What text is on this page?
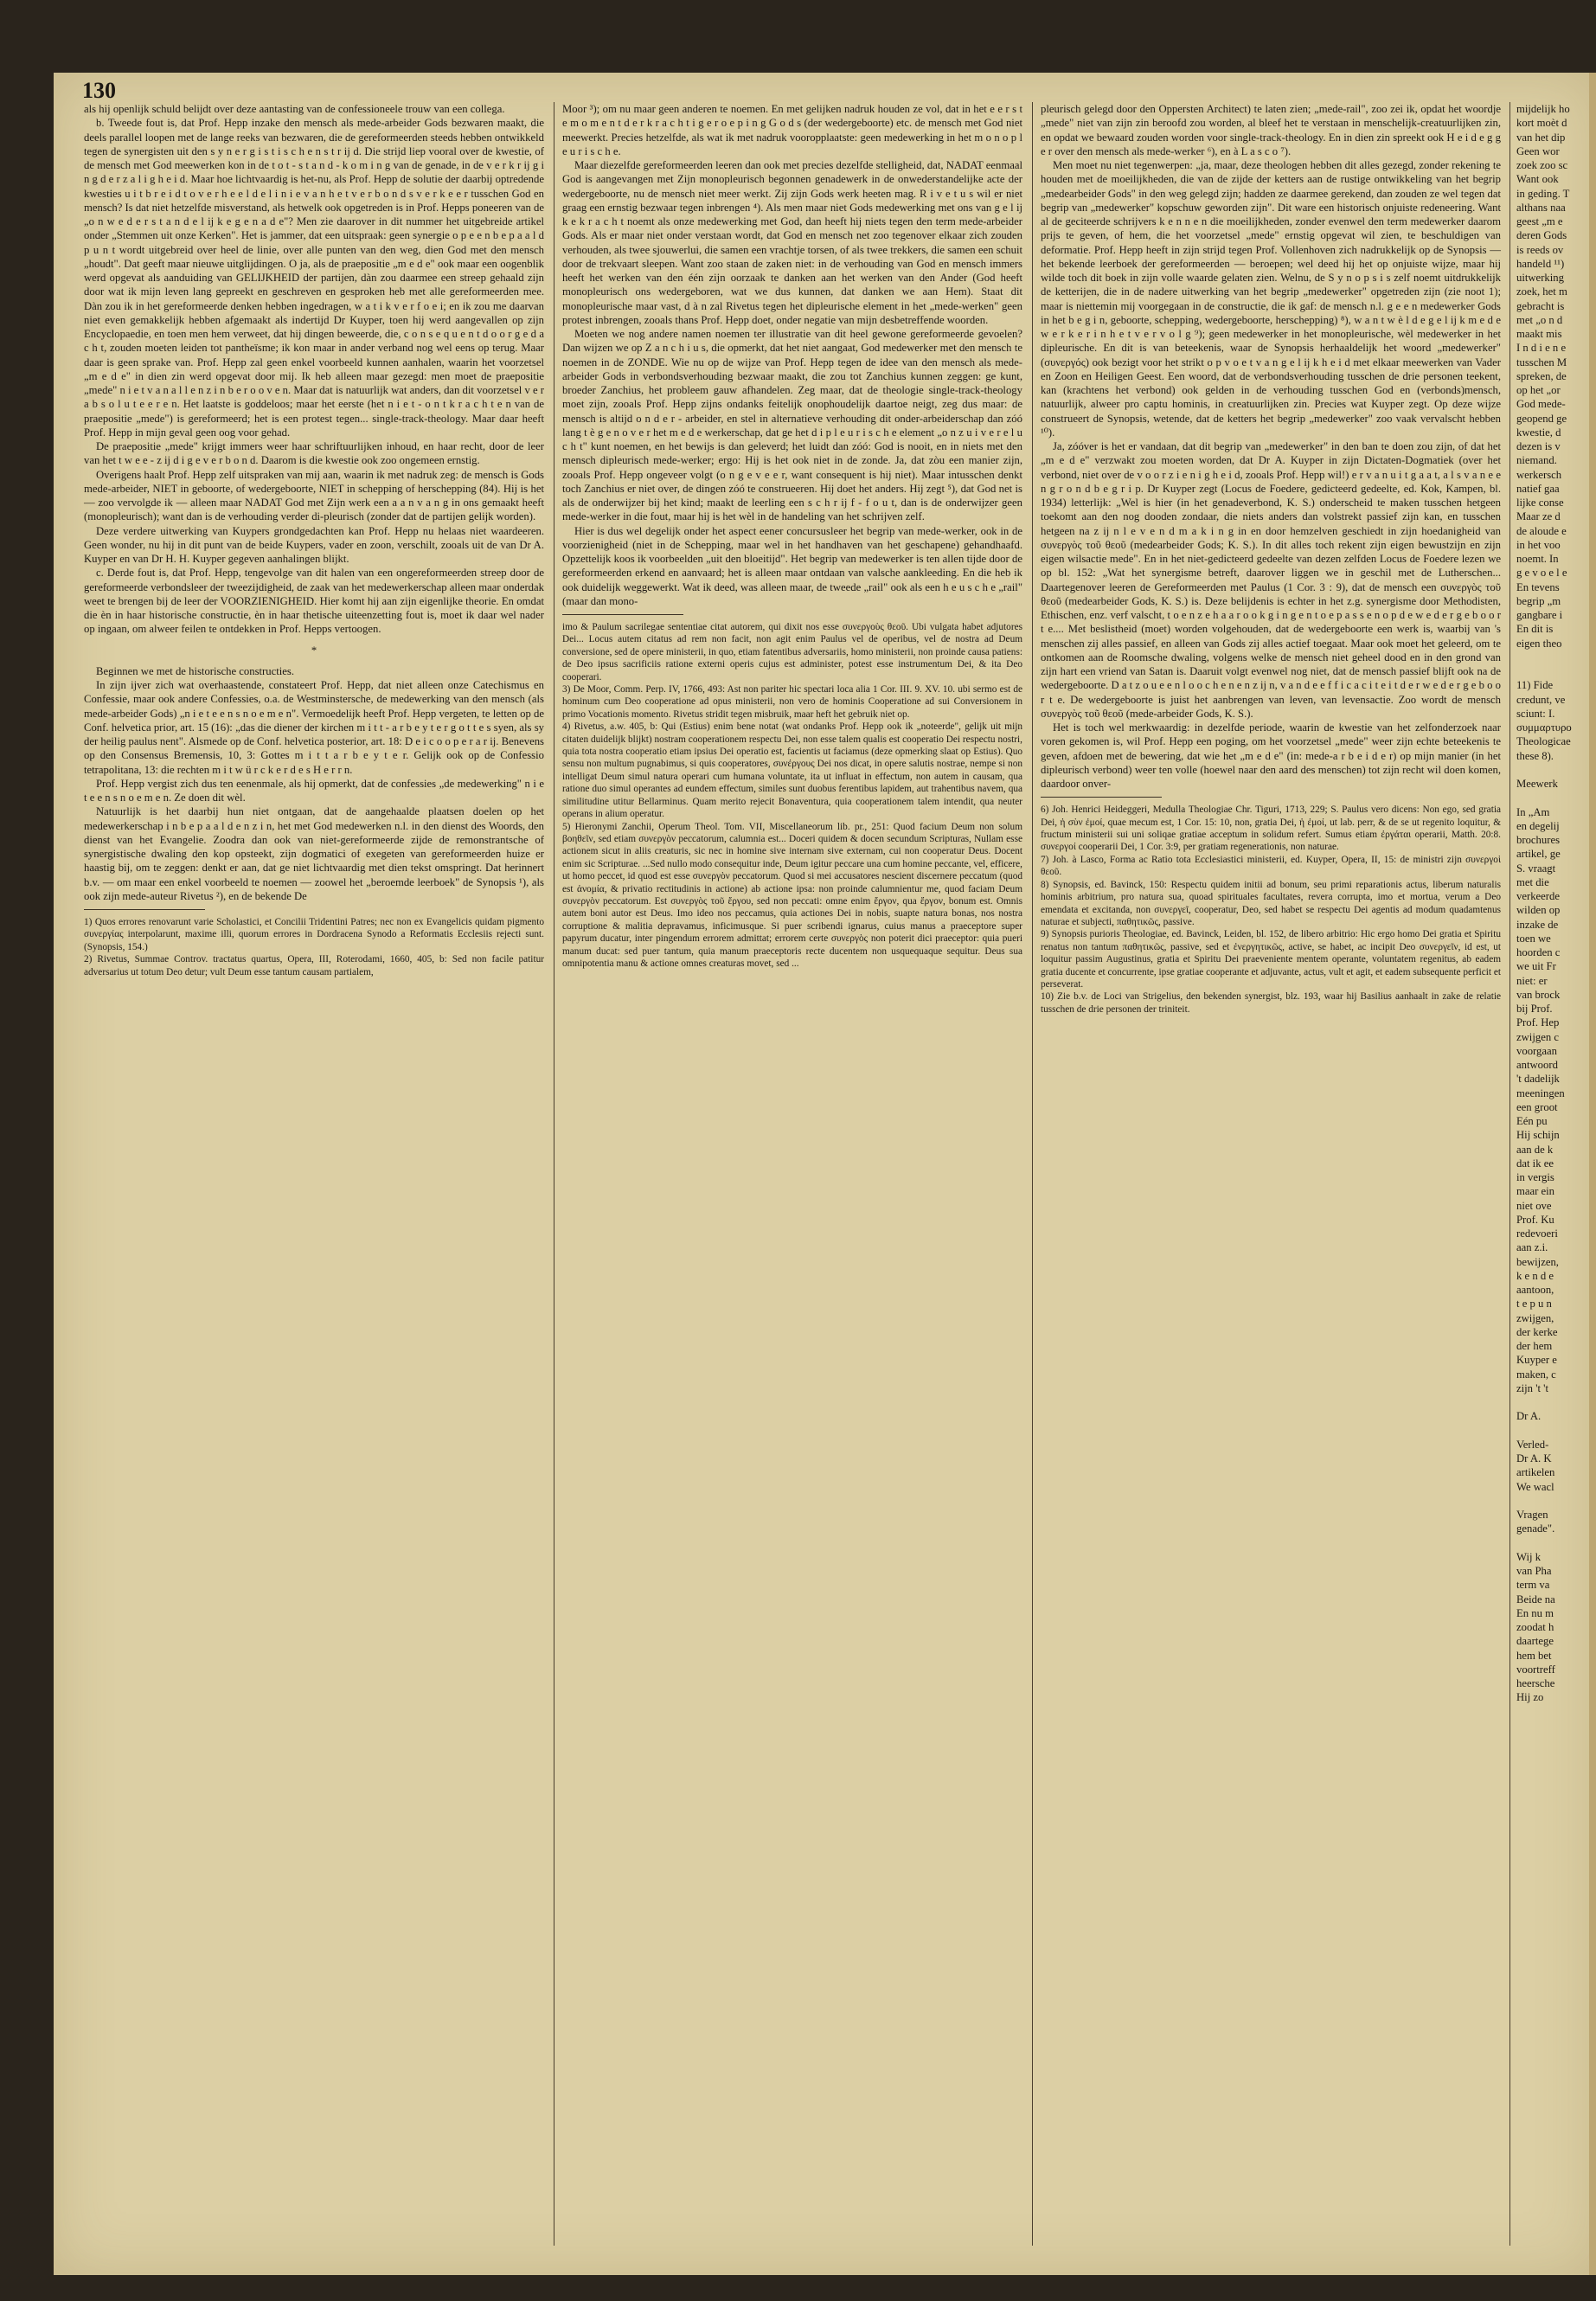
130

als hij openlijk schuld belijdt over deze aantasting van de confessioneele trouw van een collega.

b. Tweede fout is, dat Prof. Hepp inzake den mensch als mede-arbeider Gods bezwaren maakt, die deels parallel loopen met de lange reeks van bezwaren, die de gereformeerden steeds hebben ontwikkeld tegen de synergisten uit den s y n e r g i s t i s c h e n s t r ij d. Die strijd liep vooral over de kwestie, of de mensch met God meewerken kon in de t o t - s t a n d - k o m i n g van de genade, in de v e r k r ij g i n g d e r z a l i g h e i d. Maar hoe lichtvaardig is het-nu, als Prof. Hepp de solutie der daarbij optredende kwesties u i t b r e i d t o v e r h e e l d e l i n i e v a n h e t v e r b o n d s v e r k e e r tusschen God en mensch? Is dat niet hetzelfde misverstand, als hetwelk ook opgetreden is in Prof. Hepps poneeren van de „o n w e d e r s t a n d e l ij k e g e n a d e"? Men zie daarover in dit nummer het uitgebreide artikel onder „Stemmen uit onze Kerken". Het is jammer, dat een uitspraak: geen synergie o p e e n b e p a a l d p u n t wordt uitgebreid over heel de linie, over alle punten van den weg, dien God met den mensch „houdt". Dat geeft maar nieuwe uitglijdingen. O ja, als de praepositie „m e d e" ook maar een oogenblik werd opgevat als aanduiding van GELIJKHEID der partijen, dàn zou daarmee een streep gehaald zijn door wat ik mijn leven lang gepreekt en geschreven en gesproken heb met alle gereformeerden mee. Dàn zou ik in het gereformeerde denken hebben ingedragen, w a t i k v e r f o e i; en ik zou me daarvan niet even gemakkelijk hebben afgemaakt als indertijd Dr Kuyper, toen hij werd aangevallen op zijn Encyclopaedie, en toen men hem verweet, dat hij dingen beweerde, die, c o n s e q u e n t d o o r g e d a c h t, zouden moeten leiden tot pantheïsme; ik kon maar in ander verband nog wel eens op terug. Maar daar is geen sprake van. Prof. Hepp zal geen enkel voorbeeld kunnen aanhalen, waarin het voorzetsel „m e d e" in dien zin werd opgevat door mij. Ik heb alleen maar gezegd: men moet de praepositie „mede" n i e t v a n a l l e n z i n b e r o o v e n. Maar dat is natuurlijk wat anders, dan dit voorzetsel v e r a b s o l u t e e r e n. Het laatste is goddeloos; maar het eerste (het n i e t - o n t k r a c h t e n van de praepositie „mede") is gereformeerd; het is een protest tegen... single-track-theology. Maar daar heeft Prof. Hepp in mijn geval geen oog voor gehad.

De praepositie „mede" krijgt immers weer haar schriftuurlijken inhoud, en haar recht, door de leer van het t w e e - z ij d i g e v e r b o n d. Daarom is die kwestie ook zoo ongemeen ernstig.

Overigens haalt Prof. Hepp zelf uitspraken van mij aan, waarin ik met nadruk zeg: de mensch is Gods mede-arbeider, NIET in geboorte, of wedergeboorte, NIET in schepping of herschepping (84). Hij is het — zoo vervolgde ik — alleen maar NADAT God met Zijn werk een a a n v a n g in ons gemaakt heeft (monopleurisch); want dan is de verhouding verder di-pleurisch (zonder dat de partijen gelijk worden).

Deze verdere uitwerking van Kuypers grondgedachten kan Prof. Hepp nu helaas niet waardeeren. Geen wonder, nu hij in dit punt van de beide Kuypers, vader en zoon, verschilt, zooals uit de van Dr A. Kuyper en van Dr H. H. Kuyper gegeven aanhalingen blijkt.

c. Derde fout is, dat Prof. Hepp, tengevolge van dit halen van een ongereformeerden streep door de gereformeerde verbondsleer der tweezijdigheid, de zaak van het medewerkerschap alleen maar onderdak weet te brengen bij de leer der VOORZIENIGHEID. Hier komt hij aan zijn eigenlijke theorie. En omdat die èn in haar historische constructie, èn in haar thetische uiteenzetting fout is, moet ik daar wel nader op ingaan, om alweer feilen te ontdekken in Prof. Hepps vertoogen.

*

Beginnen we met de historische constructies.

In zijn ijver zich wat overhaastende, constateert Prof. Hepp, dat niet alleen onze Catechismus en Confessie, maar ook andere Confessies, o.a. de Westminstersche, de medewerking van den mensch (als mede-arbeider Gods) „n i e t e e n s n o e m e n". Vermoedelijk heeft Prof. Hepp vergeten, te letten op de Conf. helvetica prior, art. 15 (16): „das die diener der kirchen m i t t - a r b e y t e r g o t t e s syen, als sy der heilig paulus nent". Alsmede op de Conf. helvetica posterior, art. 18: D e i c o o p e r a r ij. Benevens op den Consensus Bremensis, 10, 3: Gottes m i t t a r b e y t e r. Gelijk ook op de Confessio tetrapolitana, 13: die rechten m i t w ü r c k e r d e s H e r r n.

Prof. Hepp vergist zich dus ten eenenmale, als hij opmerkt, dat de confessies „de medewerking" n i e t e e n s n o e m e n. Ze doen dit wèl.

Natuurlijk is het daarbij hun niet ontgaan, dat de aangehaalde plaatsen doelen op het medewerkerschap i n b e p a a l d e n z i n, het met God medewerken n.l. in den dienst des Woords, den dienst van het Evangelie. Zoodra dan ook van niet-gereformeerde zijde de remonstrantsche of synergistische dwaling den kop opsteekt, zijn dogmatici of exegeten van gereformeerden huize er haastig bij, om te zeggen: denkt er aan, dat ge niet lichtvaardig met dien tekst omspringt. Dat herinnert b.v. — om maar een enkel voorbeeld te noemen — zoowel het „beroemde leerboek" de Synopsis ¹), als ook zijn mede-auteur Rivetus ²), en de bekende De

1) Quos errores renovarunt varie Scholastici, et Concilii Tridentini Patres; nec non ex Evangelicis quidam pigmento συνεργίας interpolarunt, maxime illi, quorum errores in Dordracena Synodo a Reformatis Ecclesiis rejecti sunt. (Synopsis, 154.)

2) Rivetus, Summae Controv. tractatus quartus, Opera, III, Roterodami, 1660, 405, b: Sed non facile patitur adversarius ut totum Deo detur; vult Deum esse tantum causam partialem,

Moor ³); om nu maar geen anderen te noemen. En met gelijken nadruk houden ze vol, dat in het e e r s t e m o m e n t d e r k r a c h t i g e r o e p i n g G o d s (der wedergeboorte) etc. de mensch met God niet meewerkt. Precies hetzelfde, als wat ik met nadruk vooropplaatste: geen medewerking in het m o n o p l e u r i s c h e.

Maar diezelfde gereformeerden leeren dan ook met precies dezelfde stelligheid, dat, NADAT eenmaal God is aangevangen met Zijn monopleurisch begonnen genadewerk in de onwederstandelijke acte der wedergeboorte, nu de mensch niet meer werkt. Zij zijn Gods werk heeten mag. R i v e t u s wil er niet graag een ernstig bezwaar tegen inbrengen ⁴). Als men maar niet Gods medewerking met ons van g e l ij k e k r a c h t noemt als onze medewerking met God, dan heeft hij niets tegen den term mede-arbeider Gods. Als er maar niet onder verstaan wordt, dat God en mensch net zoo tegenover elkaar zich zouden verhouden, als twee sjouwerlui, die samen een vrachtje torsen, of als twee trekkers, die samen een schuit door de trekvaart sleepen. Want zoo staan de zaken niet: in de verhouding van God en mensch immers heeft het werken van den één zijn oorzaak te danken aan het werken van den Ander (God heeft monopleurisch ons wedergeboren, wat we dus kunnen, dat danken we aan Hem). Staat dit monopleurische maar vast, d à n zal Rivetus tegen het dipleurische element in het „mede-werken" geen protest inbrengen, zooals thans Prof. Hepp doet, onder negatie van mijn desbetreffende woorden.

Moeten we nog andere namen noemen ter illustratie van dit heel gewone gereformeerde gevoelen? Dan wijzen we op Z a n c h i u s, die opmerkt, dat het niet aangaat, God medewerker met den mensch te noemen in de ZONDE. Wie nu op de wijze van Prof. Hepp tegen de idee van den mensch als mede-arbeider Gods in verbondsverhouding bezwaar maakt, die zou tot Zanchius kunnen zeggen: ge kunt, broeder Zanchius, het probleem gauw afhandelen. Zeg maar, dat de theologie single-track-theology moet zijn, zooals Prof. Hepp zijns ondanks feitelijk onophoudelijk daartoe neigt, zeg dus maar: de mensch is altijd o n d e r - arbeider, en stel in alternatieve verhouding dit onder-arbeiderschap dan zóó lang t è g e n o v e r het m e d e werkerschap, dat ge het d i p l e u r i s c h e element „o n z u i v e r e l u c h t" kunt noemen, en het bewijs is dan geleverd; het luidt dan zóó: God is nooit, en in niets met den mensch dipleurisch mede-werker; ergo: Hij is het ook niet in de zonde. Ja, dat zòu een manier zijn, zooals Prof. Hepp ongeveer volgt (o n g e v e e r, want consequent is hij niet). Maar intusschen denkt toch Zanchius er niet over, de dingen zóó te construeeren. Hij doet het anders. Hij zegt ⁵), dat God net is als de onderwijzer bij het kind; maakt de leerling een s c h r ij f - f o u t, dan is de onderwijzer geen mede-werker in die fout, maar hij is het wèl in de handeling van het schrijven zelf.

Hier is dus wel degelijk onder het aspect eener concursusleer het begrip van mede-werker, ook in de voorzienigheid (niet in de Schepping, maar wel in het handhaven van het geschapene) gehandhaafd. Opzettelijk koos ik voorbeelden „uit den bloeitijd". Het begrip van medewerker is ten allen tijde door de gereformeerden erkend en aanvaard; het is alleen maar ontdaan van valsche aankleeding. En die heb ik ook duidelijk weggewerkt. Wat ik deed, was alleen maar, de tweede „rail" ook als een h e u s c h e „rail" (maar dan mono-

imo & Paulum sacrilegae sententiae citat autorem, qui dixit nos esse συνεργοὺς θεοῦ. Ubi vulgata habet adjutores Dei... Locus autem citatus ad rem non facit, non agit enim Paulus vel de operibus, vel de nostra ad Deum conversione, sed de opere ministerii, in quo, etiam fatentibus adversariis, homo ministerii, non proinde causa patiens: de Deo ipsus sacrificiis ratione externi operis cujus est administer, potest esse instrumentum Dei, & ita Deo cooperari.

3) De Moor, Comm. Perp. IV, 1766, 493: Ast non pariter hic spectari loca alia 1 Cor. III. 9. XV. 10. ubi sermo est de hominum cum Deo cooperatione ad opus ministerii, non vero de hominis Cooperatione ad sui Conversionem in primo Vocationis momento. Rivetus stridit tegen misbruik, maar heft het gebruik niet op.

4) Rivetus, a.w. 405, b: Qui (Estius) enim bene notat (wat ondanks Prof. Hepp ook ik „noteerde", gelijk uit mijn citaten duidelijk blijkt) nostram cooperationem respectu Dei, non esse talem qualis est cooperatio Dei respectu nostri, quia tota nostra cooperatio etiam ipsius Dei operatio est, facientis ut faciamus (deze opmerking slaat op Estius). Quo sensu non multum pugnabimus, si quis cooperatores, συνέργους Dei nos dicat, in opere salutis nostrae, nempe si non intelligat Deum simul natura operari cum humana voluntate, ita ut influat in effectum, non autem in causam, qua ratione duo simul operantes ad eundem effectum, similes sunt duobus ferentibus lapidem, aut trahentibus navem, qua similitudine utitur Bellarminus. Quam merito rejecit Bonaventura, quia cooperationem talem intendit, qua neuter operans in alium operatur.

5) Hieronymi Zanchii, Operum Theol. Tom. VII, Miscellaneorum lib. pr., 251: Quod facium Deum non solum βοηθεῖν, sed etiam συνεργὸν peccatorum, calumnia est... Doceri quidem & docen secundum Scripturas, Nullam esse actionem sicut in aliis creaturis, sic nec in homine sive internam sive externam, cui non cooperatur Deus. Docent enim sic Scripturae. ...Sed nullo modo consequitur inde, Deum igitur peccare una cum homine peccante, vel, efficere, ut homo peccet, id quod est esse συνεργὸν peccatorum. Quod si mei accusatores nescient discernere peccatum (quod est ἀνομία, & privatio rectitudinis in actione) ab actione ipsa: non proinde calumnientur me, quod faciam Deum συνεργὸν peccatorum. Est συνεργὸς τοῦ ἔργου, sed non peccati: omne enim ἔργον, qua ἔργον, bonum est. Omnis autem boni autor est Deus. Imo ideo nos peccamus, quia actiones Dei in nobis, suapte natura bonas, nos nostra corruptione & malitia depravamus, inficimusque. Si puer scribendi ignarus, cuius manus a praeceptore super papyrum ducatur, inter pingendum errorem admittat; errorem certe συνεργὸς non poterit dici praeceptor: quia pueri manum ducat: sed puer tantum, quia manum praeceptoris recte ducentem non usquequaque sequitur. Deus sua omnipotentia manu & actione omnes creaturas movet, sed ...

pleurisch gelegd door den Oppersten Architect) te laten zien; „mede-rail", zoo zei ik, opdat het woordje „mede" niet van zijn zin beroofd zou worden, al bleef het te verstaan in menschelijk-creatuurlijken zin, en opdat we bewaard zouden worden voor single-track-theology. En in dien zin spreekt ook H e i d e g g e r over den mensch als mede-werker ⁶), en à L a s c o ⁷).

Men moet nu niet tegenwerpen: „ja, maar, deze theologen hebben dit alles gezegd, zonder rekening te houden met de moeilijkheden, die van de zijde der ketters aan de rustige ontwikkeling van het begrip „medearbeider Gods" in den weg gelegd zijn; hadden ze daarmee gerekend, dan zouden ze wel tegen dat begrip van „medewerker" kopschuw geworden zijn". Dit ware een historisch onjuiste redeneering. Want al de geciteerde schrijvers k e n n e n die moeilijkheden, zonder evenwel den term medewerker daarom prijs te geven, of hem, die het voorzetsel „mede" ernstig opgevat wil zien, te beschuldigen van deformatie. Prof. Hepp heeft in zijn strijd tegen Prof. Vollenhoven zich nadrukkelijk op de Synopsis — het bekende leerboek der gereformeerden — beroepen; wel deed hij het op onjuiste wijze, maar hij wilde toch dit boek in zijn volle waarde gelaten zien. Welnu, de S y n o p s i s zelf noemt uitdrukkelijk de ketterijen, die in de nadere uitwerking van het begrip „medewerker" opgetreden zijn (zie noot 1); maar is niettemin mij voorgegaan in de constructie, die ik gaf: de mensch n.l. g e e n medewerker Gods in het b e g i n, geboorte, schepping, wedergeboorte, herschepping) ⁸), w a n t w è l d e g e l ij k m e d e w e r k e r i n h e t v e r v o l g ⁹); geen medewerker in het monopleurische, wèl medewerker in het dipleurische. En dit is van beteekenis, waar de Synopsis herhaaldelijk het woord „medewerker" (συνεργός) ook bezigt voor het strikt o p v o e t v a n g e l ij k h e i d met elkaar meewerken van Vader en Zoon en Heiligen Geest. Een woord, dat de verbondsverhouding tusschen de drie personen teekent, kan (krachtens het verbond) ook gelden in de verhouding tusschen God en (verbonds)mensch, natuurlijk, alweer pro captu hominis, in creatuurlijken zin. Precies wat Kuyper zegt. Op deze wijze construeert de Synopsis, wetende, dat de ketters het begrip „medewerker" zoo vaak vervalscht hebben ¹⁰).

Ja, zóóver is het er vandaan, dat dit begrip van „medewerker" in den ban te doen zou zijn, of dat het „m e d e" verzwakt zou moeten worden, dat Dr A. Kuyper in zijn Dictaten-Dogmatiek (over het verbond, niet over de v o o r z i e n i g h e i d, zooals Prof. Hepp wil!) e r v a n u i t g a a t, a l s v a n e e n g r o n d b e g r i p. Dr Kuyper zegt (Locus de Foedere, gedicteerd gedeelte, ed. Kok, Kampen, bl. 1934) letterlijk: „Wel is hier (in het genadeverbond, K. S.) onderscheid te maken tusschen hetgeen toekomt aan den nog dooden zondaar, die niets anders dan volstrekt passief zijn kan, en tusschen hetgeen na z ij n l e v e n d m a k i n g in en door hemzelven geschiedt in zijn hoedanigheid van συνεργὸς τοῦ θεοῦ (medearbeider Gods; K. S.). In dit alles toch rekent zijn eigen bewustzijn en zijn eigen wilsactie mede". En in het niet-gedicteerd gedeelte van dezen zelfden Locus de Foedere lezen we op bl. 152: „Wat het synergisme betreft, daarover liggen we in geschil met de Lutherschen... Daartegenover leeren de Gereformeerden met Paulus (1 Cor. 3 : 9), dat de mensch een συνεργὸς τοῦ θεοῦ (medearbeider Gods, K. S.) is. Deze belijdenis is echter in het z.g. synergisme door Methodisten, Ethischen, enz. verf valscht, t o e n z e h a a r o o k g i n g e n t o e p a s s e n o p d e w e d e r g e b o o r t e.... Met beslistheid (moet) worden volgehouden, dat de wedergeboorte een werk is, waarbij van 's menschen zij alles passief, en alleen van Gods zij alles actief toegaat. Maar ook moet het geleerd, om te ontkomen aan de Roomsche dwaling, volgens welke de mensch niet geheel dood en in den grond van zijn hart een vriend van Satan is. Daaruit volgt evenwel nog niet, dat de mensch passief blijft ook na de wedergeboorte. D a t z o u e e n l o o c h e n e n z ij n, v a n d e e f f i c a c i t e i t d e r w e d e r g e b o o r t e. De wedergeboorte is juist het aanbrengen van leven, van levensactie. Zoo wordt de mensch συνεργὸς τοῦ θεοῦ (mede-arbeider Gods, K. S.).

Het is toch wel merkwaardig: in dezelfde periode, waarin de kwestie van het zelfonderzoek naar voren gekomen is, wil Prof. Hepp een poging, om het voorzetsel „mede" weer zijn echte beteekenis te geven, afdoen met de bewering, dat wie het „m e d e" (in: mede-a r b e i d e r) op mijn manier (in het dipleurisch verbond) weer ten volle (hoewel naar den aard des menschen) tot zijn recht wil doen komen, daardoor onver-

6) Joh. Henrici Heideggeri, Medulla Theologiae Chr. Tiguri, 1713, 229; S. Paulus vero dicens: Non ego, sed gratia Dei, ἡ σὺν ἐμοί, quae mecum est, 1 Cor. 15: 10, non, gratia Dei, ἡ ἐμοί, ut lab. perr, & de se ut regenito loquitur, & fructum ministerii sui uni soliqae gratiae acceptum in solidum refert. Sumus etiam ἐργάται operarii, Matth. 20:8. συνεργοί cooperarii Dei, 1 Cor. 3:9, per gratiam regenerationis, non naturae.

7) Joh. à Lasco, Forma ac Ratio tota Ecclesiastici ministerii, ed. Kuyper, Opera, II, 15: de ministri zijn συνεργοὶ θεοῦ.

8) Synopsis, ed. Bavinck, 150: Respectu quidem initii ad bonum, seu primi reparationis actus, liberum naturalis hominis arbitrium, pro natura sua, quoad spirituales facultates, revera corrupta, imo et mortua, verum a Deo emendata et excitanda, non συνεργεῖ, cooperatur, Deo, sed habet se respectu Dei agentis ad modum quadamtenus naturae et subjecti, παθητικῶς, passive.

9) Synopsis purioris Theologiae, ed. Bavinck, Leiden, bl. 152, de libero arbitrio: Hic ergo homo Dei gratia et Spiritu renatus non tantum παθητικῶς, passive, sed et ἐνεργητικῶς, active, se habet, ac incipit Deo συνεργεῖν, id est, ut loquitur passim Augustinus, gratia et Spiritu Dei praeveniente mentem operante, voluntatem regenitus, ab eadem gratia ducente et concurrente, ipse gratiae cooperante et adjuvante, actus, vult et agit, et eadem subsequente perficit et perseverat.

10) Zie b.v. de Loci van Strigelius, den bekenden synergist, blz. 193, waar hij Basilius aanhaalt in zake de relatie tusschen de drie personen der triniteit.

mijdelijk ho
kort moèt d
van het dip
Geen wor
zoek zoo sc
Want ook
in geding. T
althans naa
geest „m e
deren Gods
is reeds ov
handeld ¹¹)
uitwerking
zoek, het m
gebracht is
met „o n d
maakt mis
I n d i e n e
tusschen M
spreken, de
op het „or
God mede-
geopend ge
kwestie, d
dezen is v
niemand.
werkersch
natief gaa
lijke conse
Maar ze d
de aloude e
in het voo
noemt. In
g e v o e l e
En tevens
begrip „m
gangbare i
En dit is
eigen theo

11) Fide
credunt, ve
sciunt: I.
συμμαρτυρο
Theologicae
these 8).

Meewerk

In „Am
en degelij
brochures
artikel, ge
S. vraagt
met die
verkeerde
wilden op
inzake de
toen we
hoorden c
we uit Fr
niet: er
van brock
bij Prof.
Prof. Hep
zwijgen c
voorgaan
antwoord
't dadelijk
meeningen
een groot
Eén pu
Hij schijn
aan de k
dat ik ee
in vergis
maar ein
niet ove
Prof. Ku
redevoeri
aan z.i.
bewijzen,
k e n d e
aantoon,
t e p u n
zwijgen,
der kerke
der hem
Kuyper e
maken, c
zijn 't 't

Dr A.

Verled-
Dr A. K
artikelen
We wacl

Vragen
genade".

Wij k
van Pha
term va
Beide na
En nu m
zoodat h
daartege
hem bet
voortreff
heersche
Hij zo
